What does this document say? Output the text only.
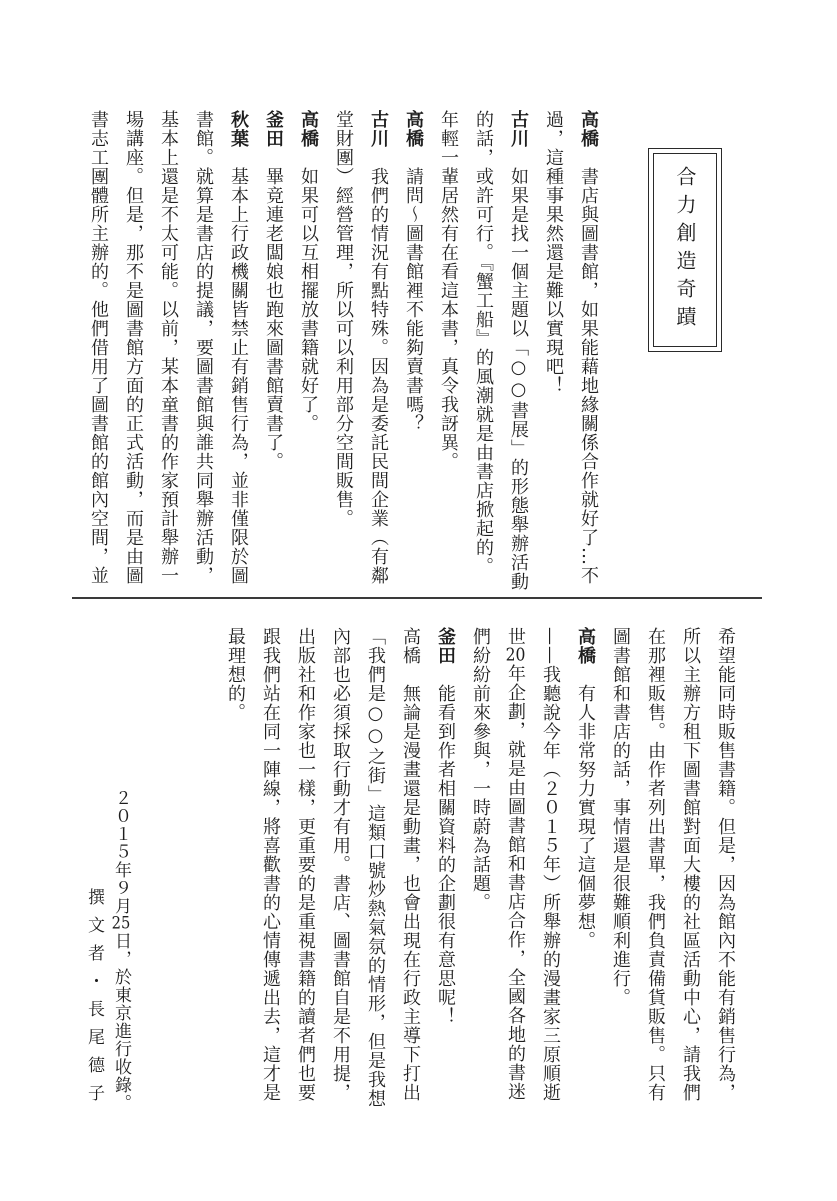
合力創造奇蹟

高橋書店與圖書館，如果能藉地緣關係合作就好了…不

過，這種事果然還是難以實現吧！

古川如果是找一個主題以「○○書展」的形態舉辦活動

的話，或許可行。『蟹工船』的風潮就是由書店掀起的。

年輕一輩居然有在看這本書，真令我訝異。

高橋請問～圖書館裡不能夠賣書嗎？

古川我們的情況有點特殊。因為是委託民間企業（有鄰

堂財團）經營管理，所以可以利用部分空間販售。

高橋如果可以互相擺放書籍就好了。

釜田畢竟連老闆娘也跑來圖書館賣書了。

秋葉基本上行政機關皆禁止有銷售行為，並非僅限於圖

書館。就算是書店的提議，要圖書館與誰共同舉辦活動，

基本上還是不太可能。以前，某本童書的作家預計舉辦一

場講座。但是，那不是圖書館方面的正式活動，而是由圖

書志工團體所主辦的。他們借用了圖書館的館內空間，並

希望能同時販售書籍。但是，因為館內不能有銷售行為，

所以主辦方租下圖書館對面大樓的社區活動中心，請我們

在那裡販售。由作者列出書單，我們負責備貨販售。只有

圖書館和書店的話，事情還是很難順利進行。

高橋有人非常努力實現了這個夢想。

——我聽說今年（２０１５年）所舉辦的漫畫家三原順逝

世20年企劃，就是由圖書館和書店合作，全國各地的書迷

們紛紛前來參與，一時蔚為話題。

釜田能看到作者相關資料的企劃很有意思呢！

高橋無論是漫畫還是動畫，也會出現在行政主導下打出

「我們是○○之街」這類口號炒熱氣氛的情形，但是我想

內部也必須採取行動才有用。書店、圖書館自是不用提，

出版社和作家也一樣，更重要的是重視書籍的讀者們也要

跟我們站在同一陣線，將喜歡書的心情傳遞出去，這才是

最理想的。

２０１５年９月25日，於東京進行收錄。
撰文者・長尾德子
